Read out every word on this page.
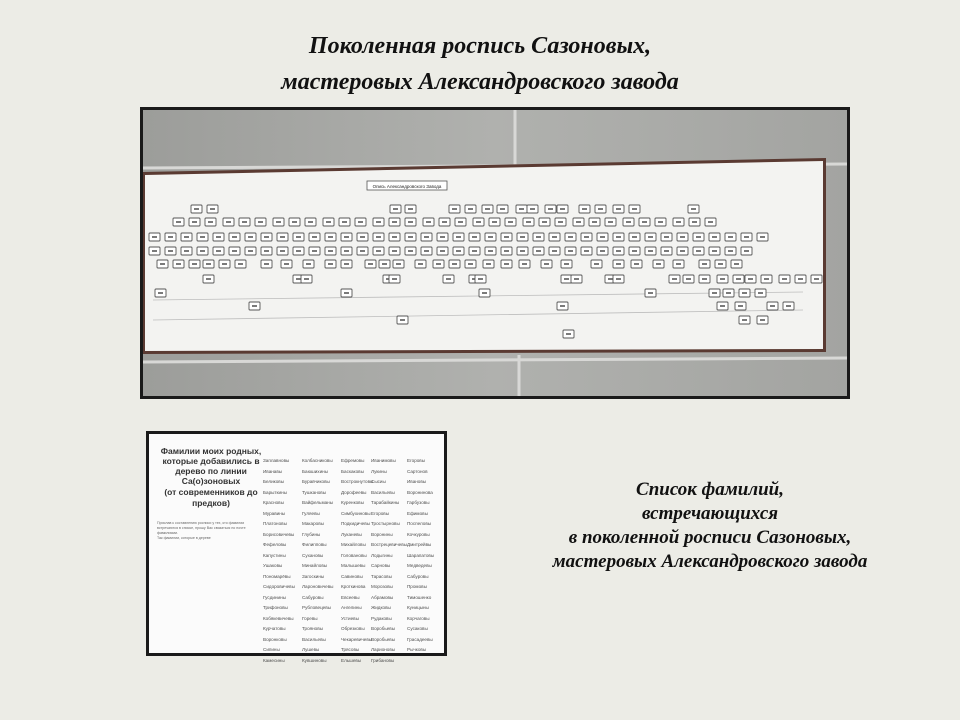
Поколенная роспись Сазоновых,
мастеровых Александровского завода
Опись Александровского Завода
Фамилии моих родных,
которые добавились в
дерево по линии
Са(о)зоновых
(от современников до
предков)
Прислав к составлению росписи у тех, кто фамилии
встречаются в списке, прошу Вас связаться по почте
фамилиями.
Так фамилии, которые в дереве
Заплавновы
Иванавы
Беликовы
Барыткины
Красновы
Муравины
Платоновы
Борисовичевы
Фефеловы
Капустины
Ушаковы
Пономарёвы
Сидоровичевы
Гусдинины
Трифоновы
Кобякевичевы
Курчатовы
Воронковы
Сипины
Камесины
Колбасниковы
Баюшихины
Буравчиковы
Тушкановы
Вайфельманы
Гуляевы
Макаровы
Глубины
Филипповы
Сухановы
Минайловы
Загоскины
Лароновичевы
Сабуровы
Рубловецевы
Горевы
Трояновы
Васильевы
Лушевы
Кувшиновы
Ефремовы
Баскаковы
Вострокнутовы
Дорофеевы
Куренковы
Симбухиновы
Подкидичевы
Луканевы
Михайловы
Головановы
Малышевы
Савиновы
Кроткинова
Евсеевы
Ангелины
Устиевы
Обрезковы
Чекаревичевы
Трясовы
Ельшевы
Иванимовы
Лукины
Сысиы
Васильевы
Тарабайкины
Егоровы
Тростырновы
Воронины
Вострецевичевы
Лодыгины
Сарновы
Тарасовы
Морозовы
Абрамовы
Жидковы
Рудаковы
Воробьевы
Воробьевы
Ларионовы
Грибановы
Егоровы
Сартонов
Ивановы
Воронинова
Гарбузовы
Ефимовы
Поспеловы
Кочкуровы
Дмитрейвы
Шарапатовы
Медведевы
Сабуровы
Промовы
Тимошенко
Куницыны
Корчаговы
Сусаковы
Грасадеевы
Рычковы
Список фамилий,
встречающихся
в поколенной росписи Сазоновых,
мастеровых Александровского завода
